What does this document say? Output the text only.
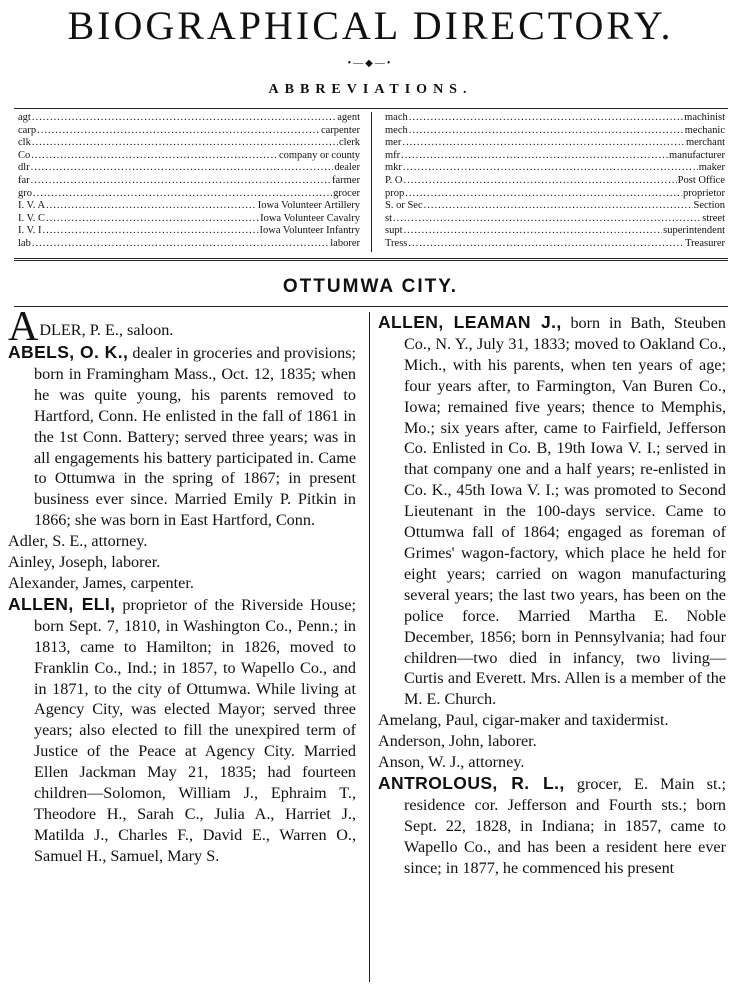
BIOGRAPHICAL DIRECTORY.
•—◆—•
ABBREVIATIONS.
agt .....	agent
carp .....	carpenter
clk .....	clerk
Co .....	company or county
dlr .....	dealer
far .....	farmer
gro .....	grocer
I. V. A .....	Iowa Volunteer Artillery
I. V. C .....	Iowa Volunteer Cavalry
I. V. I .....	Iowa Volunteer Infantry
lab .....	laborer
mach .....	machinist
mech .....	mechanic
mer .....	merchant
mfr .....	manufacturer
mkr .....	maker
P. O .....	Post Office
prop .....	proprietor
S. or Sec .....	Section
st .....	street
supt .....	superintendent
Tress .....	Treasurer
OTTUMWA CITY.
ADLER, P. E., saloon.
ABELS, O. K., dealer in groceries and provisions; born in Framingham Mass., Oct. 12, 1835; when he was quite young, his parents removed to Hartford, Conn. He enlisted in the fall of 1861 in the 1st Conn. Battery; served three years; was in all engagements his battery participated in. Came to Ottumwa in the spring of 1867; in present business ever since. Married Emily P. Pitkin in 1866; she was born in East Hartford, Conn.
Adler, S. E., attorney.
Ainley, Joseph, laborer.
Alexander, James, carpenter.
ALLEN, ELI, proprietor of the Riverside House; born Sept. 7, 1810, in Washington Co., Penn.; in 1813, came to Hamilton; in 1826, moved to Franklin Co., Ind.; in 1857, to Wapello Co., and in 1871, to the city of Ottumwa. While living at Agency City, was elected Mayor; served three years; also elected to fill the unexpired term of Justice of the Peace at Agency City. Married Ellen Jackman May 21, 1835; had fourteen children—Solomon, William J., Ephraim T., Theodore H., Sarah C., Julia A., Harriet J., Matilda J., Charles F., David E., Warren O., Samuel H., Samuel, Mary S.
ALLEN, LEAMAN J., born in Bath, Steuben Co., N. Y., July 31, 1833; moved to Oakland Co., Mich., with his parents, when ten years of age; four years after, to Farmington, Van Buren Co., Iowa; remained five years; thence to Memphis, Mo.; six years after, came to Fairfield, Jefferson Co. Enlisted in Co. B, 19th Iowa V. I.; served in that company one and a half years; re-enlisted in Co. K., 45th Iowa V. I.; was promoted to Second Lieutenant in the 100-days service. Came to Ottumwa fall of 1864; engaged as foreman of Grimes' wagon-factory, which place he held for eight years; carried on wagon manufacturing several years; the last two years, has been on the police force. Married Martha E. Noble December, 1856; born in Pennsylvania; had four children—two died in infancy, two living—Curtis and Everett. Mrs. Allen is a member of the M. E. Church.
Amelang, Paul, cigar-maker and taxidermist.
Anderson, John, laborer.
Anson, W. J., attorney.
ANTROLOUS, R. L., grocer, E. Main st.; residence cor. Jefferson and Fourth sts.; born Sept. 22, 1828, in Indiana; in 1857, came to Wapello Co., and has been a resident here ever since; in 1877, he commenced his present
